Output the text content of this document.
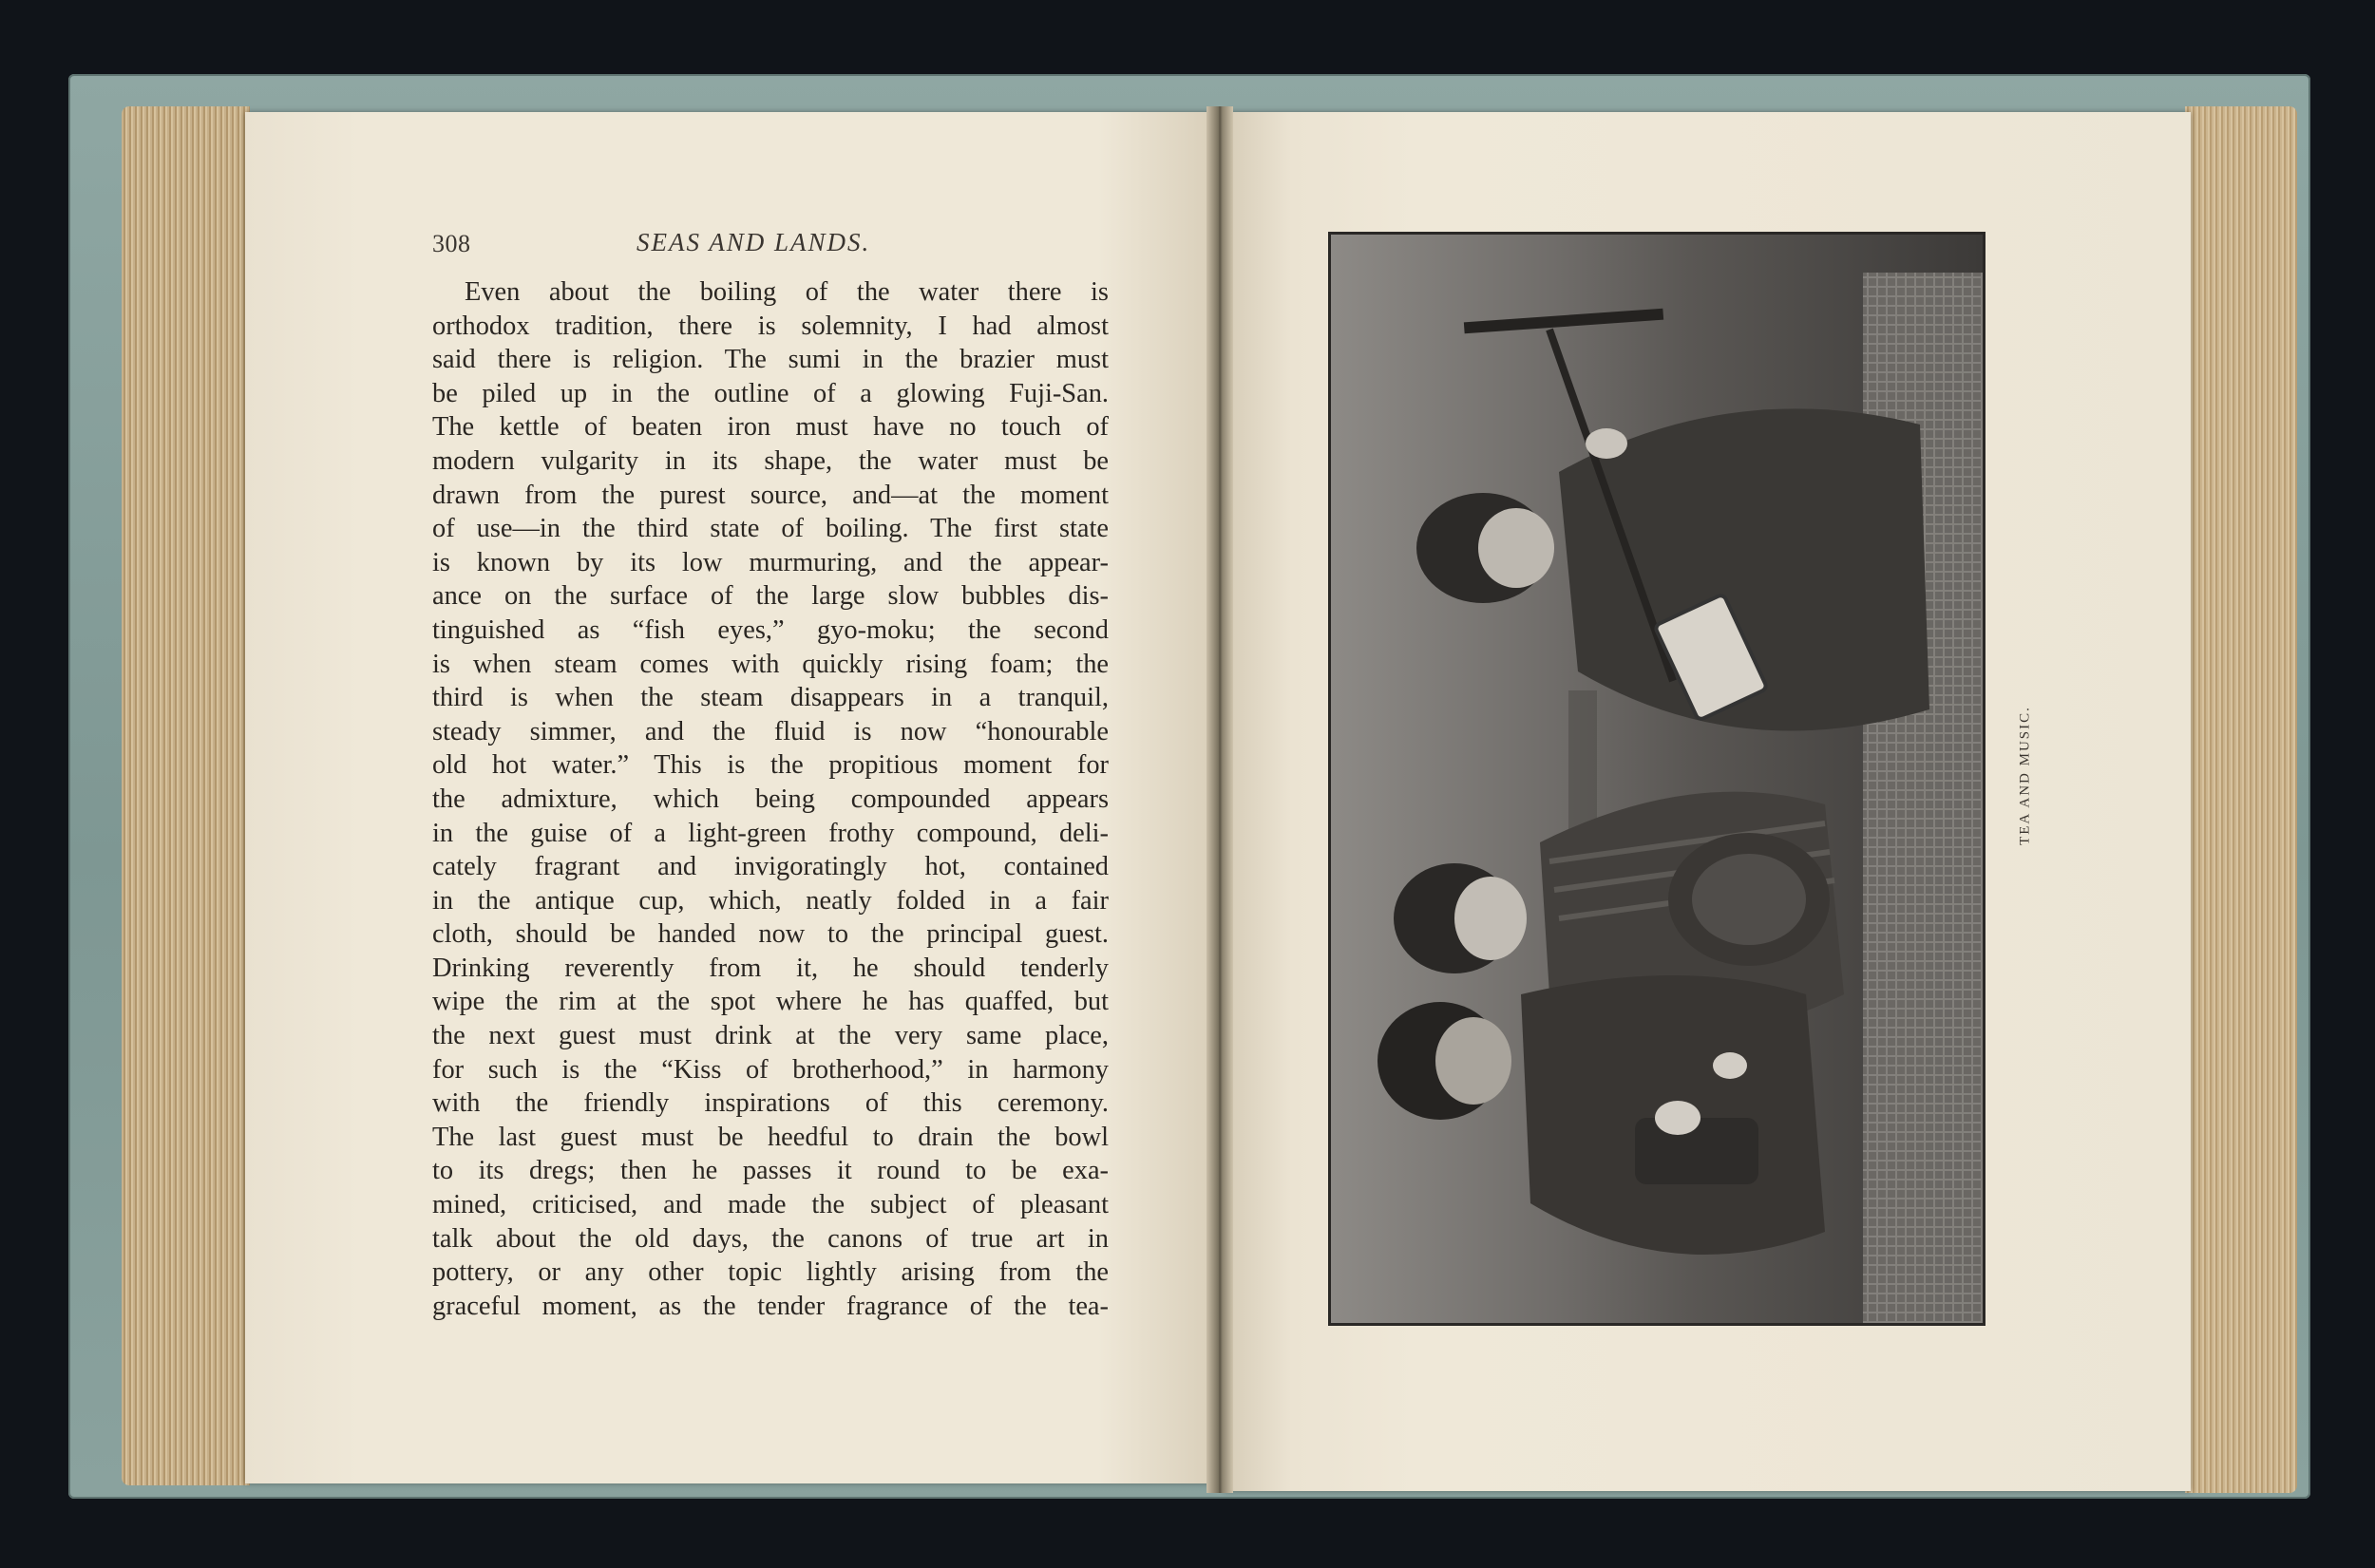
308	SEAS AND LANDS.
Even about the boiling of the water there is
orthodox tradition, there is solemnity, I had almost
said there is religion. The sumi in the brazier must
be piled up in the outline of a glowing Fuji-San.
The kettle of beaten iron must have no touch of
modern vulgarity in its shape, the water must be
drawn from the purest source, and—at the moment
of use—in the third state of boiling. The first state
is known by its low murmuring, and the appear-
ance on the surface of the large slow bubbles dis-
tinguished as “fish eyes,” gyo-moku; the second
is when steam comes with quickly rising foam; the
third is when the steam disappears in a tranquil,
steady simmer, and the fluid is now “honourable
old hot water.” This is the propitious moment for
the admixture, which being compounded appears
in the guise of a light-green frothy compound, deli-
cately fragrant and invigoratingly hot, contained
in the antique cup, which, neatly folded in a fair
cloth, should be handed now to the principal guest.
Drinking reverently from it, he should tenderly
wipe the rim at the spot where he has quaffed, but
the next guest must drink at the very same place,
for such is the “Kiss of brotherhood,” in harmony
with the friendly inspirations of this ceremony.
The last guest must be heedful to drain the bowl
to its dregs; then he passes it round to be exa-
mined, criticised, and made the subject of pleasant
talk about the old days, the canons of true art in
pottery, or any other topic lightly arising from the
graceful moment, as the tender fragrance of the tea-
TEA AND MUSIC.
